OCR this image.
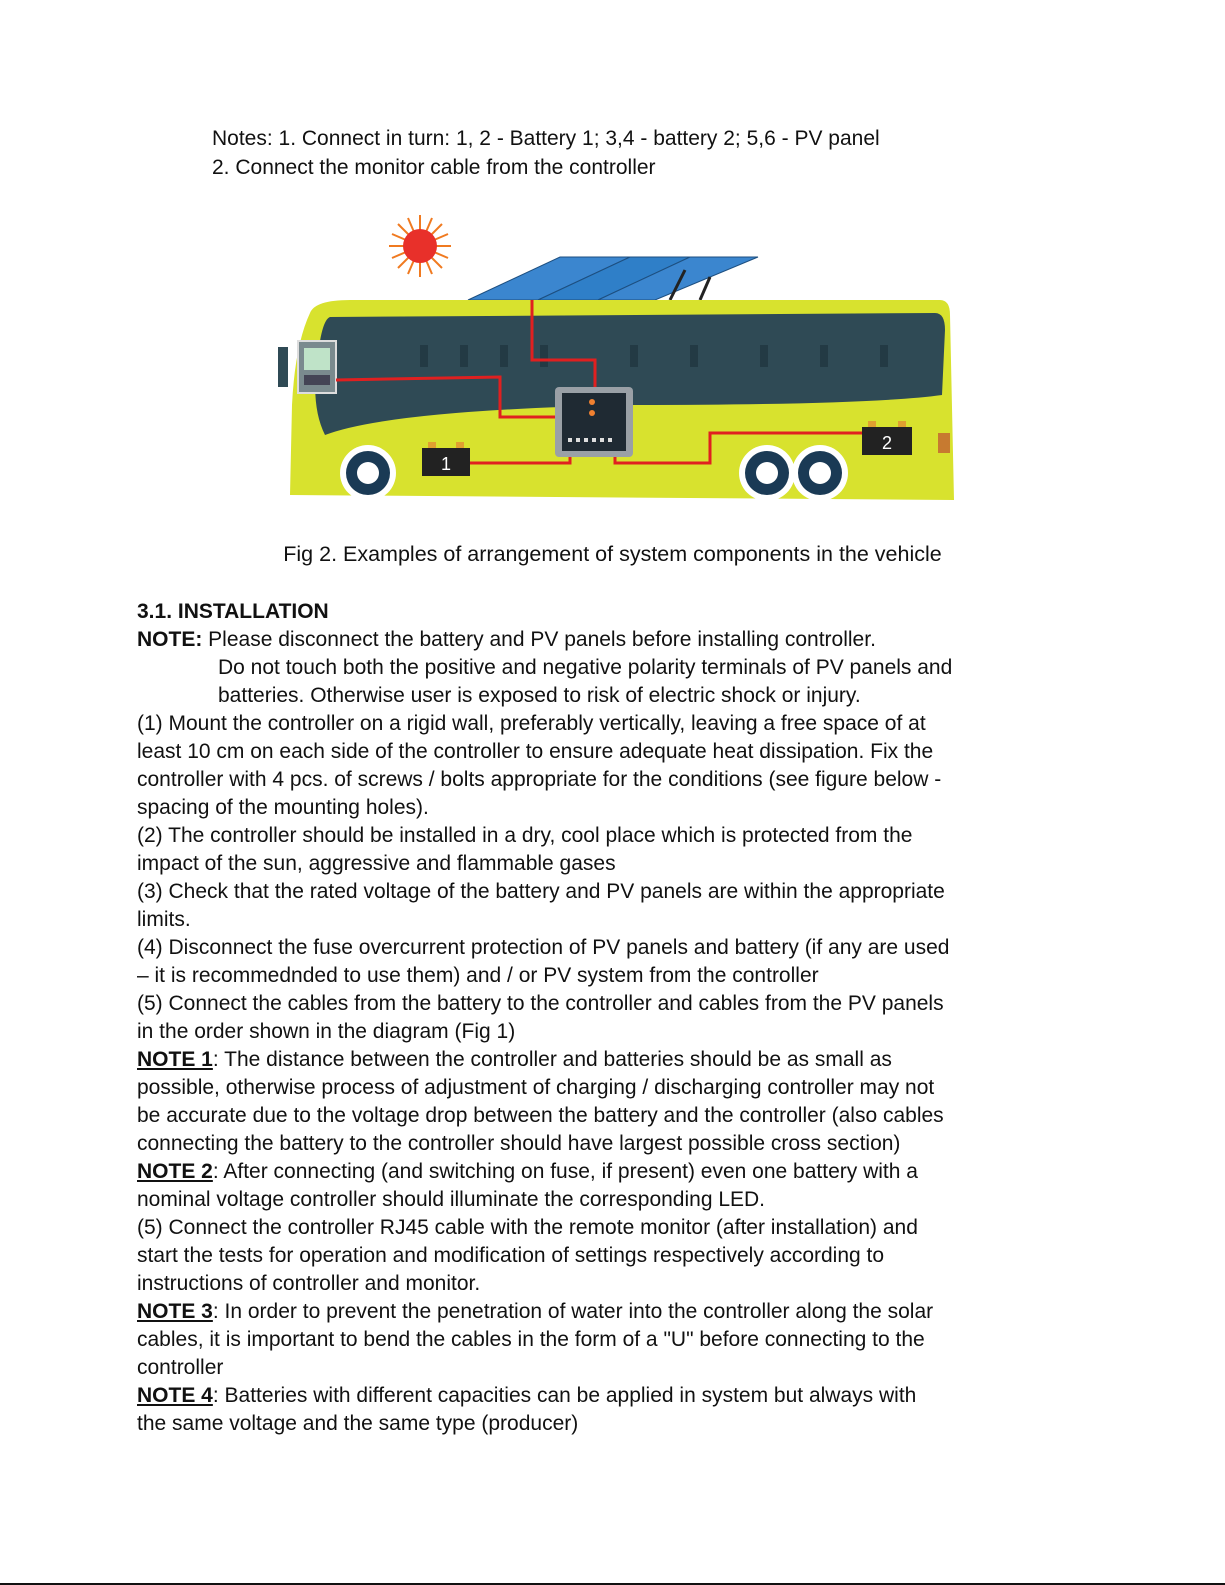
Notes: 1. Connect in turn: 1, 2 - Battery 1; 3,4 - battery 2; 5,6 - PV panel
2. Connect the monitor cable from the controller
1
2
Fig 2. Examples of arrangement of system components in the vehicle

3.1. INSTALLATION

NOTE: Please disconnect the battery and PV panels before installing controller.

Do not touch both the positive and negative polarity terminals of PV panels and

batteries. Otherwise user is exposed to risk of electric shock or injury.

(1) Mount the controller on a rigid wall, preferably vertically, leaving a free space of at

least 10 cm on each side of the controller to ensure adequate heat dissipation. Fix the

controller with 4 pcs. of screws / bolts appropriate for the conditions (see figure below -

spacing of the mounting holes).

(2) The controller should be installed in a dry, cool place which is protected from the

impact of the sun, aggressive and flammable gases

(3) Check that the rated voltage of the battery and PV panels are within the appropriate

limits.

(4) Disconnect the fuse overcurrent protection of PV panels and battery (if any are used

– it is recommednded to use them) and / or PV system from the controller

(5) Connect the cables from the battery to the controller and cables from the PV panels

in the order shown in the diagram (Fig 1)

NOTE 1: The distance between the controller and batteries should be as small as

possible, otherwise process of adjustment of charging / discharging controller may not

be accurate due to the voltage drop between the battery and the controller (also cables

connecting the battery to the controller should have largest possible cross section)

NOTE 2: After connecting (and switching on fuse, if present) even one battery with a

nominal voltage controller should illuminate the corresponding LED.

(5) Connect the controller RJ45 cable with the remote monitor (after installation) and

start the tests for operation and modification of settings respectively according to

instructions of controller and monitor.

NOTE 3: In order to prevent the penetration of water into the controller along the solar

cables, it is important to bend the cables in the form of a "U" before connecting to the

controller

NOTE 4: Batteries with different capacities can be applied in system but always with

the same voltage and the same type (producer)
